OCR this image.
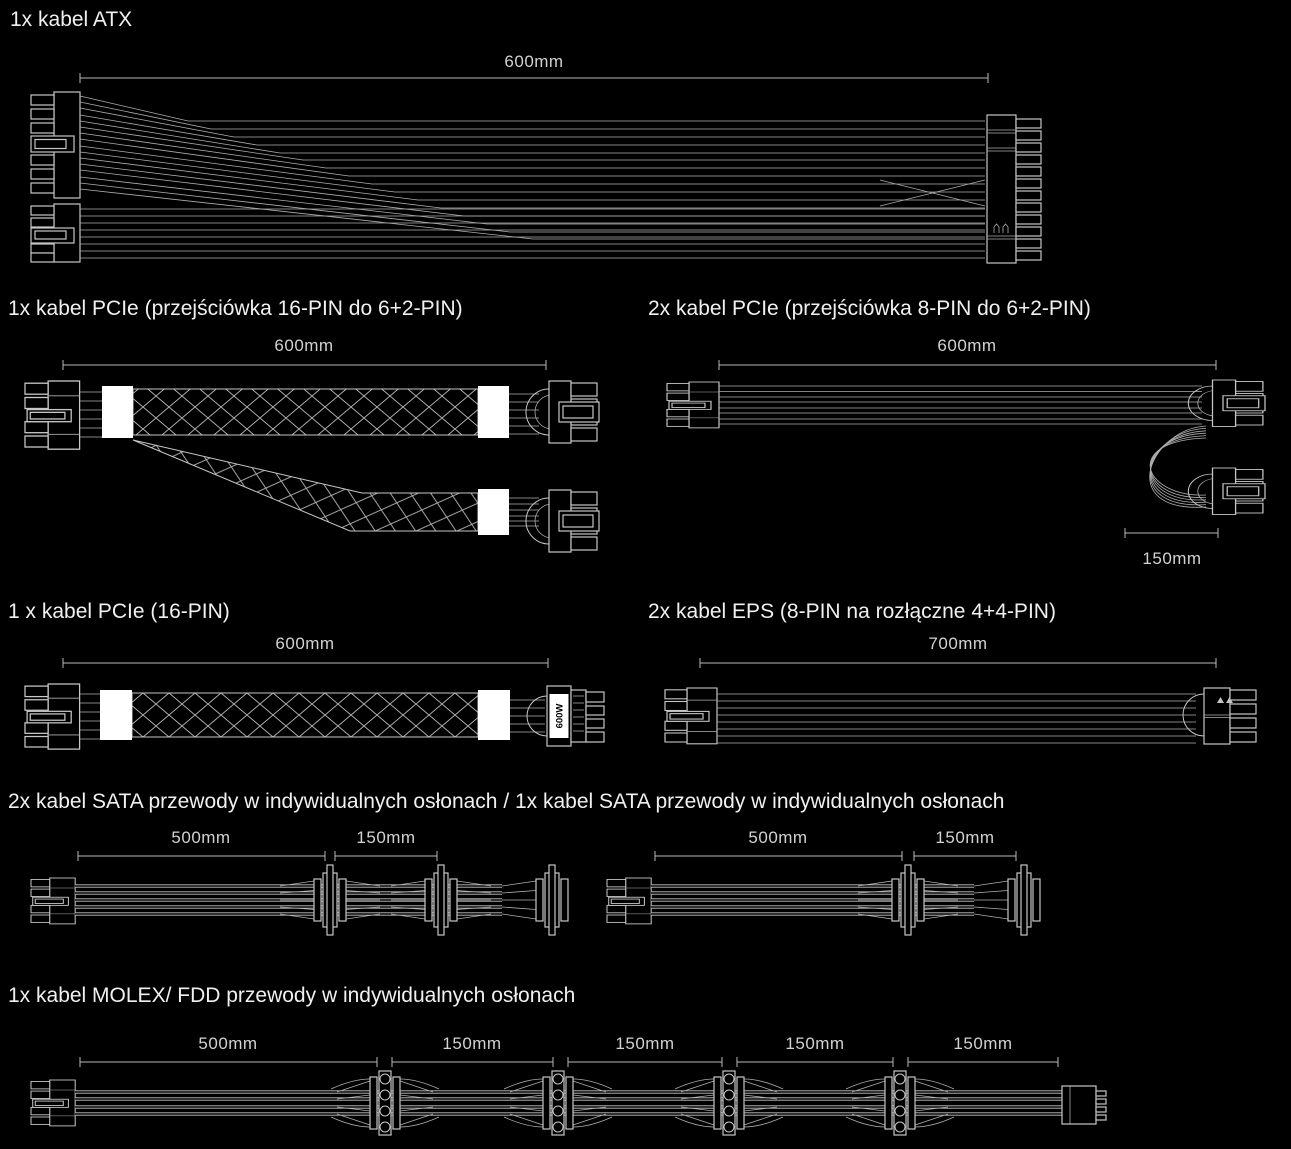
1x kabel ATX
600mm
1x kabel PCIe (przejściówka 16-PIN do 6+2-PIN)
600mm
2x kabel PCIe (przejściówka 8-PIN do 6+2-PIN)
600mm
150mm
1 x kabel PCIe (16-PIN)
600mm
600W
2x kabel EPS (8-PIN na rozłączne 4+4-PIN)
700mm
2x kabel SATA przewody w indywidualnych osłonach / 1x kabel SATA przewody w indywidualnych osłonach
500mm	150mm	500mm	150mm
1x kabel MOLEX/ FDD przewody w indywidualnych osłonach
500mm	150mm	150mm	150mm	150mm
